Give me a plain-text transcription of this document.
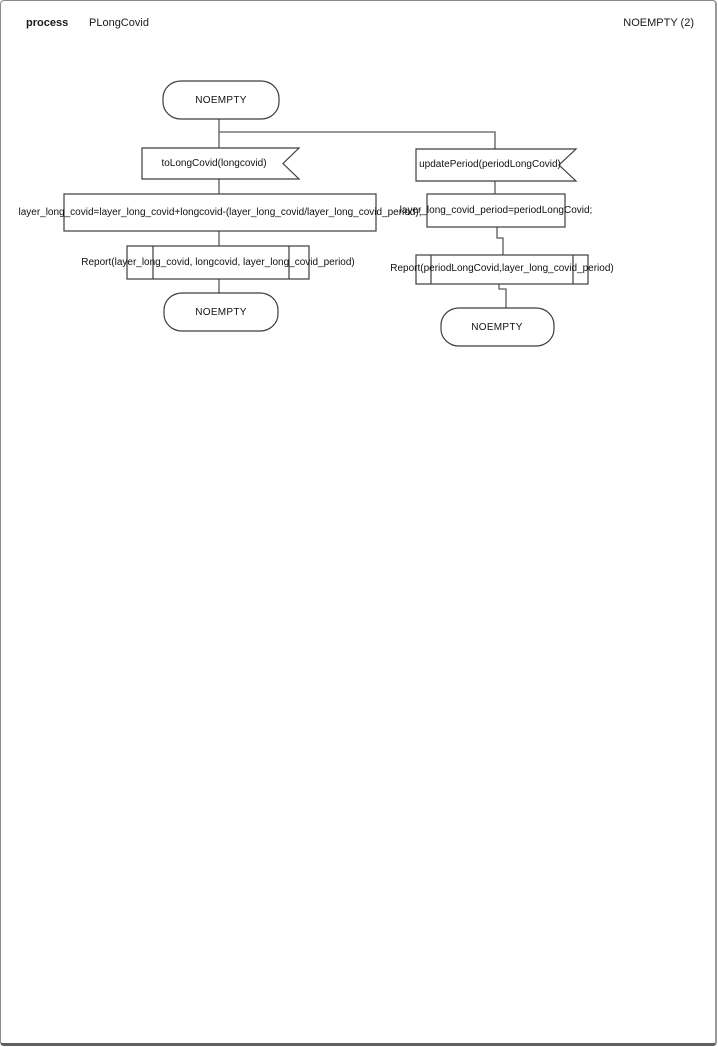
process PLongCovid	NOEMPTY (2)
NOEMPTY
toLongCovid(longcovid)
layer_long_covid=layer_long_covid+longcovid-(layer_long_covid/layer_long_covid_period);
Report(layer_long_covid, longcovid, layer_long_covid_period)
NOEMPTY
updatePeriod(periodLongCovid)
layer_long_covid_period=periodLongCovid;
Report(periodLongCovid,layer_long_covid_period)
NOEMPTY
